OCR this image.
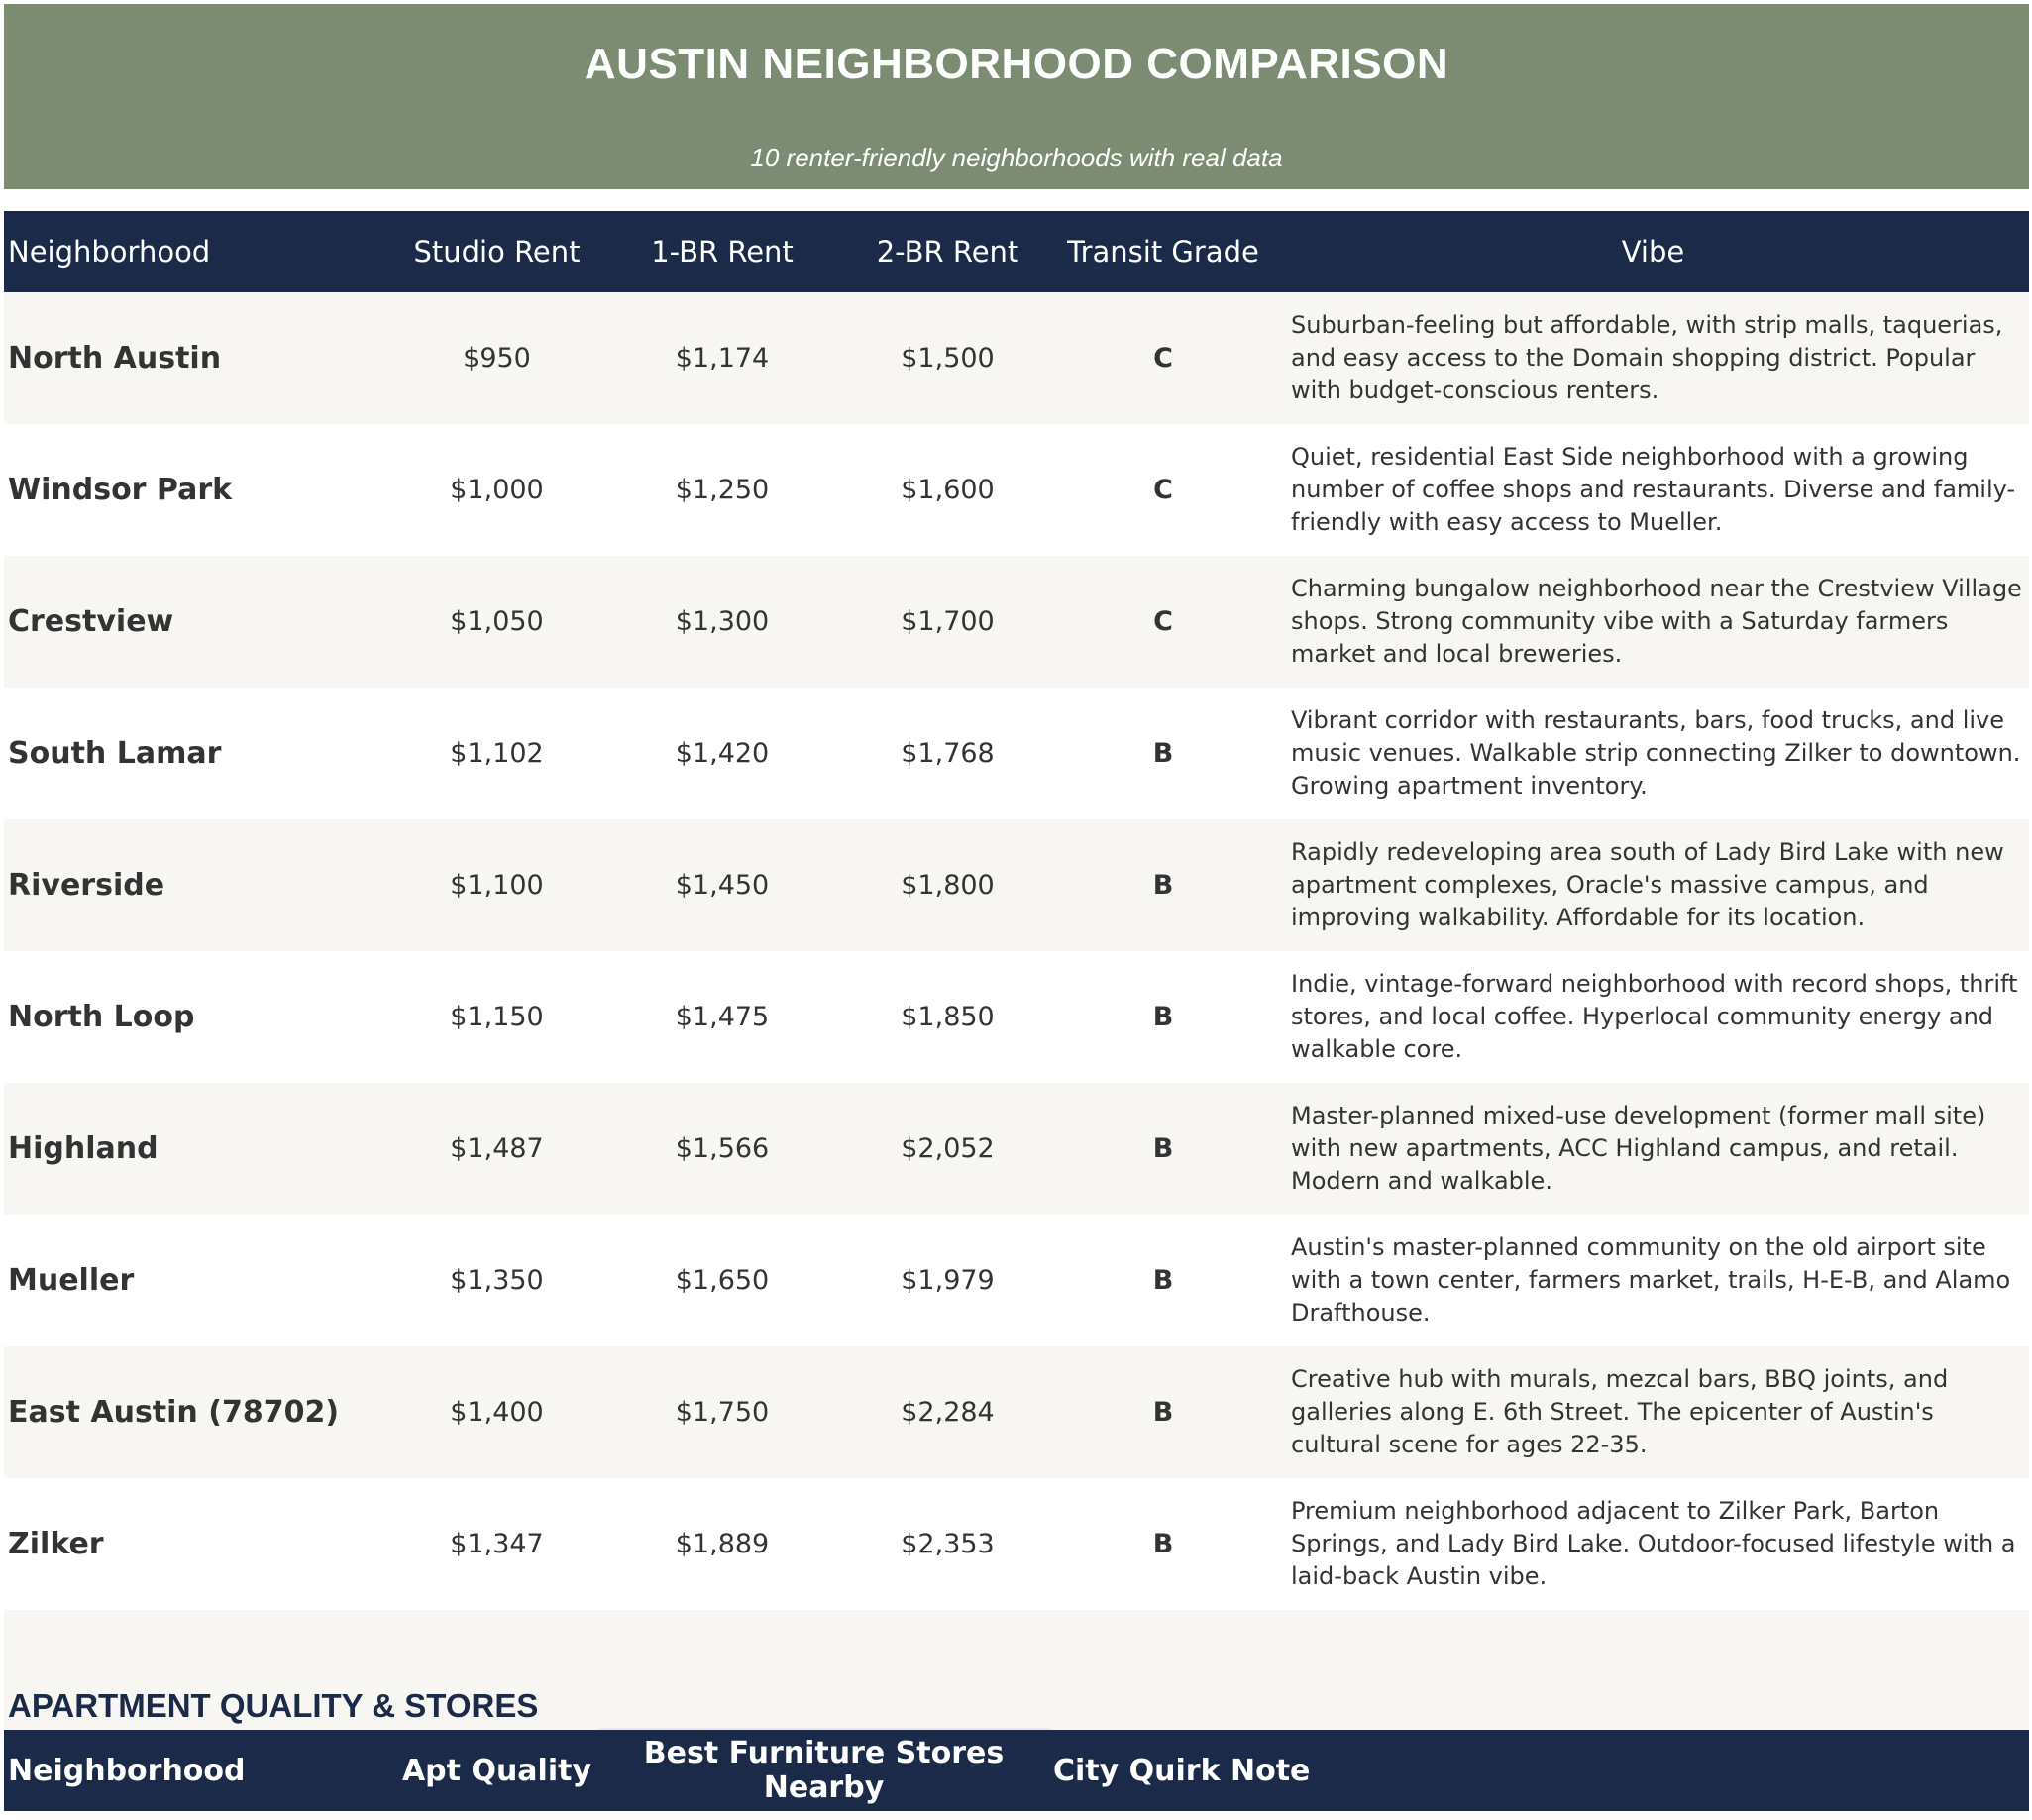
AUSTIN NEIGHBORHOOD COMPARISON
10 renter-friendly neighborhoods with real data
Neighborhood	Studio Rent	1-BR Rent	2-BR Rent	Transit Grade	Vibe
North Austin	$950	$1,174	$1,500	C	Suburban-feeling but affordable, with strip malls, taquerias, and easy access to the Domain shopping district. Popular with budget-conscious renters.
Windsor Park	$1,000	$1,250	$1,600	C	Quiet, residential East Side neighborhood with a growing number of coffee shops and restaurants. Diverse and family-friendly with easy access to Mueller.
Crestview	$1,050	$1,300	$1,700	C	Charming bungalow neighborhood near the Crestview Village shops. Strong community vibe with a Saturday farmers market and local breweries.
South Lamar	$1,102	$1,420	$1,768	B	Vibrant corridor with restaurants, bars, food trucks, and live music venues. Walkable strip connecting Zilker to downtown. Growing apartment inventory.
Riverside	$1,100	$1,450	$1,800	B	Rapidly redeveloping area south of Lady Bird Lake with new apartment complexes, Oracle's massive campus, and improving walkability. Affordable for its location.
North Loop	$1,150	$1,475	$1,850	B	Indie, vintage-forward neighborhood with record shops, thrift stores, and local coffee. Hyperlocal community energy and walkable core.
Highland	$1,487	$1,566	$2,052	B	Master-planned mixed-use development (former mall site) with new apartments, ACC Highland campus, and retail. Modern and walkable.
Mueller	$1,350	$1,650	$1,979	B	Austin's master-planned community on the old airport site with a town center, farmers market, trails, H-E-B, and Alamo Drafthouse.
East Austin (78702)	$1,400	$1,750	$2,284	B	Creative hub with murals, mezcal bars, BBQ joints, and galleries along E. 6th Street. The epicenter of Austin's cultural scene for ages 22-35.
Zilker	$1,347	$1,889	$2,353	B	Premium neighborhood adjacent to Zilker Park, Barton Springs, and Lady Bird Lake. Outdoor-focused lifestyle with a laid-back Austin vibe.
APARTMENT QUALITY & STORES
Neighborhood	Apt Quality	Best Furniture Stores Nearby	City Quirk Note
